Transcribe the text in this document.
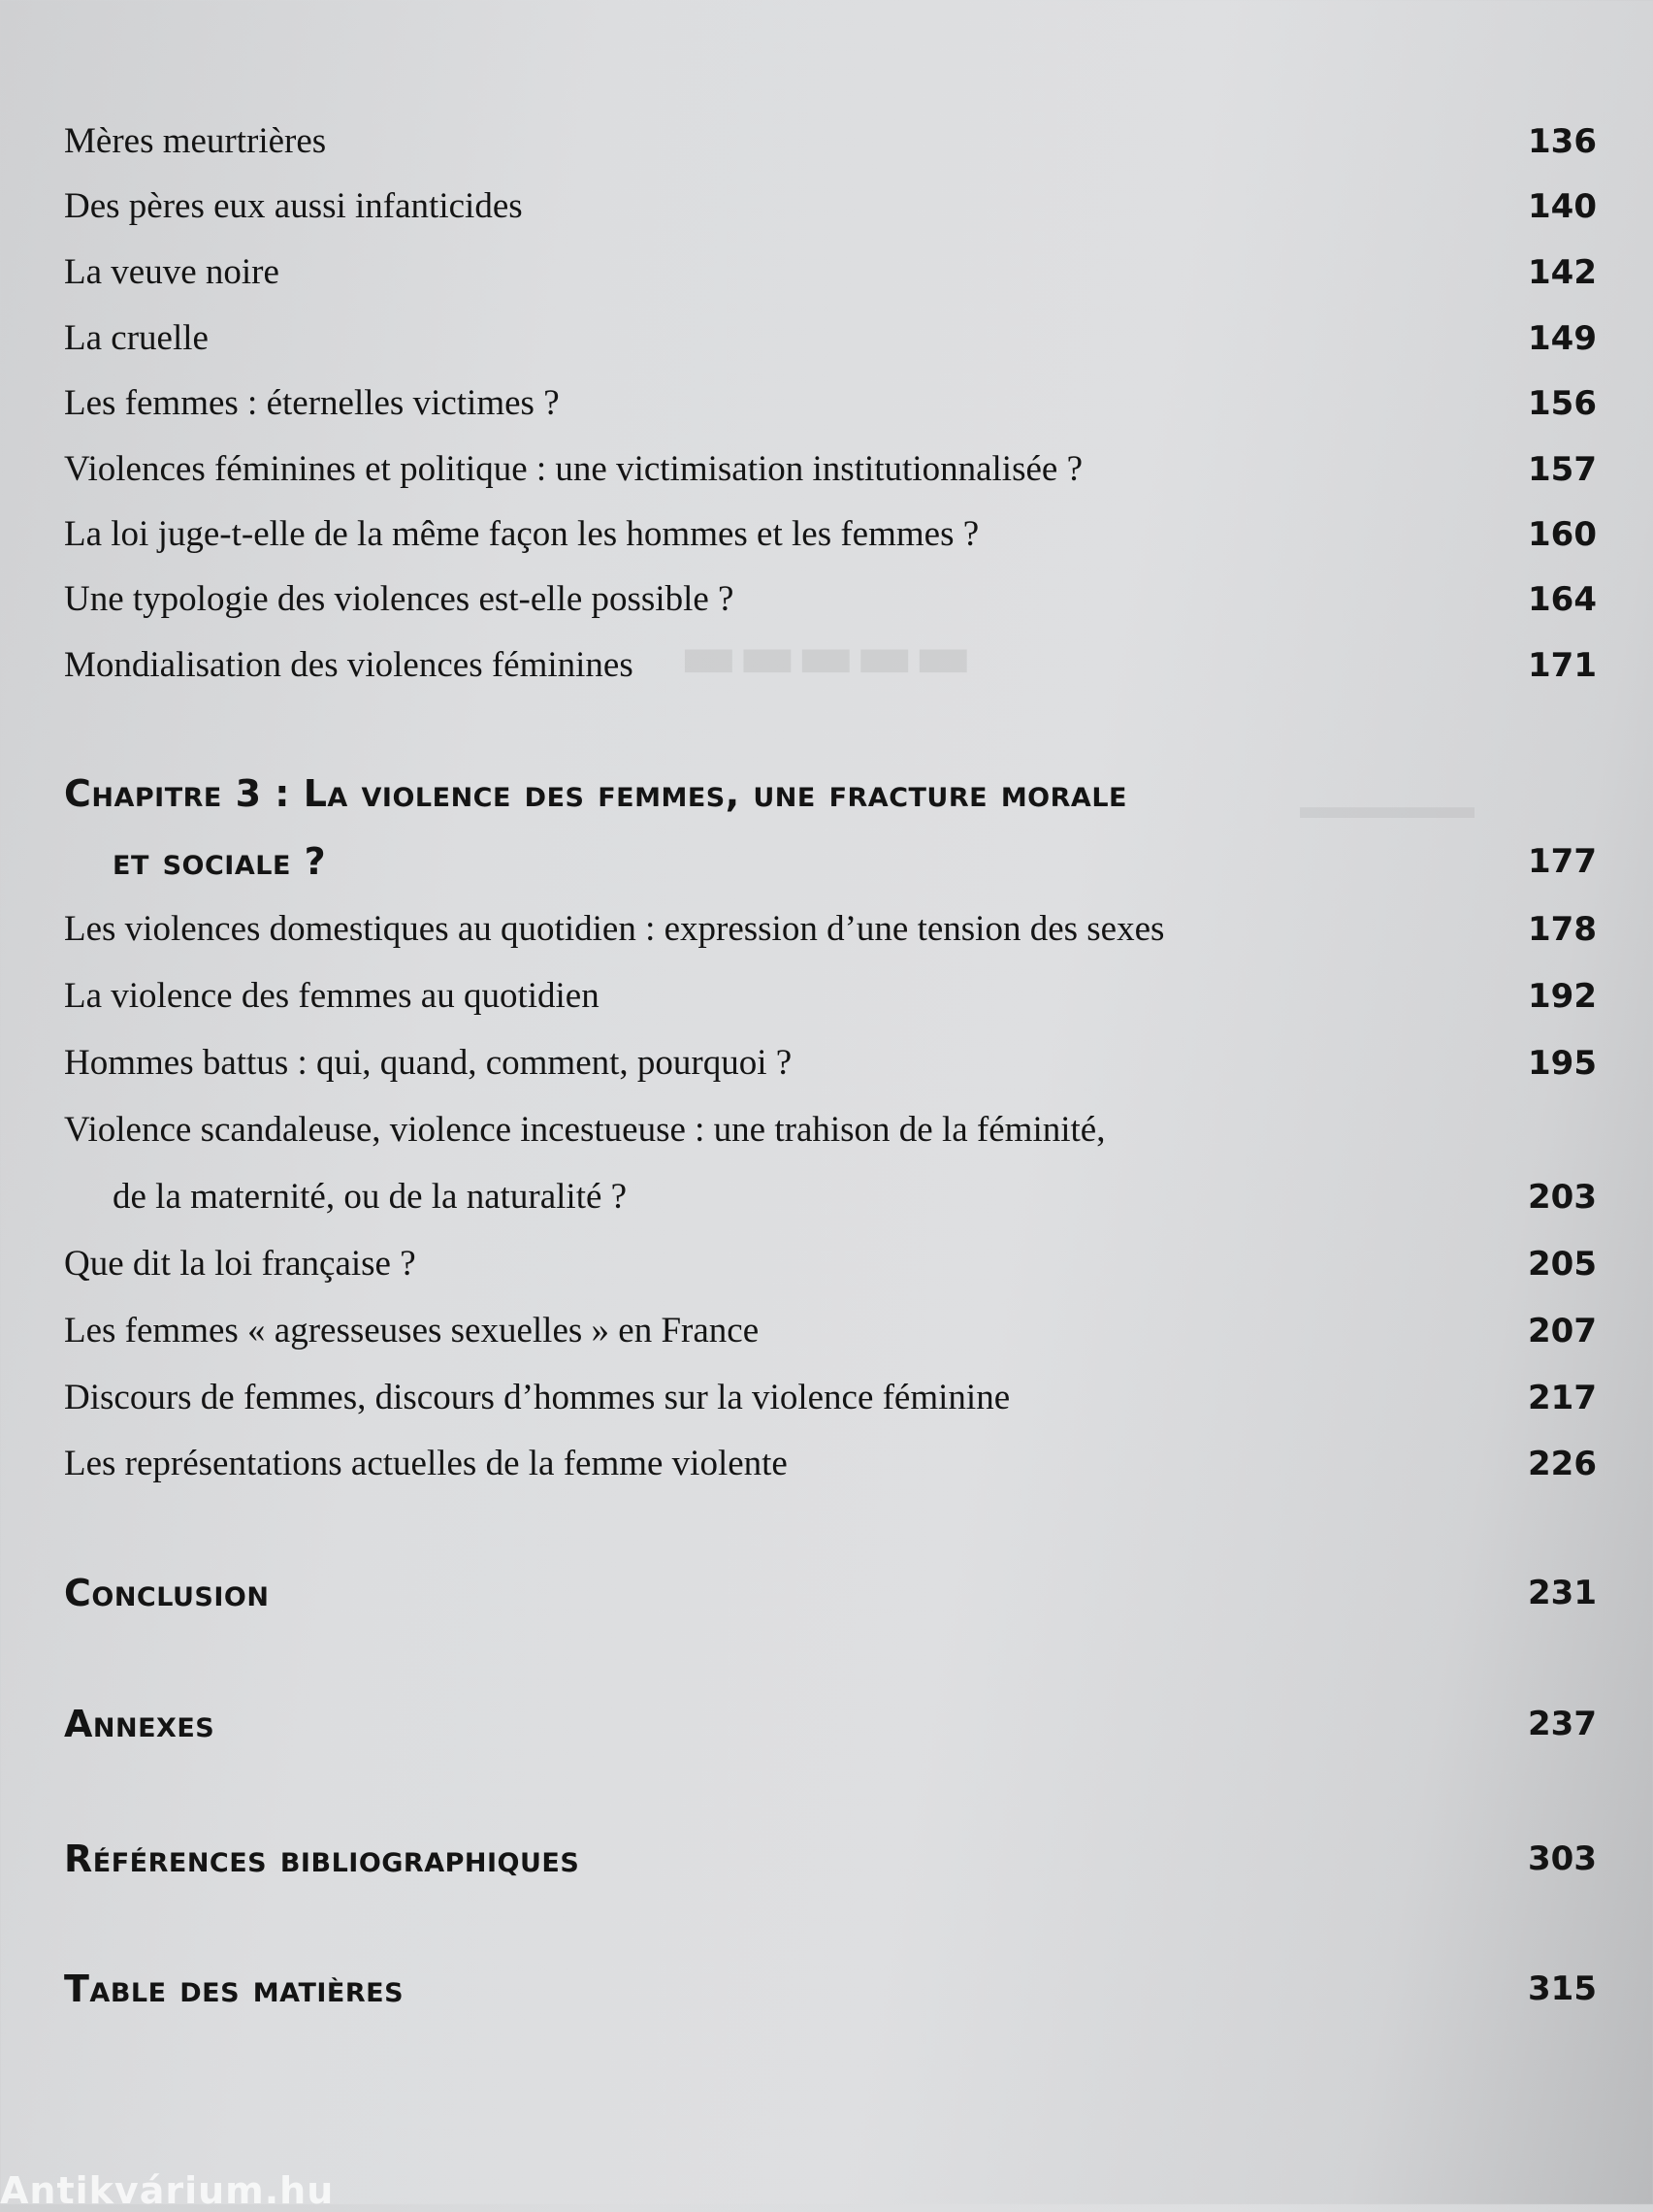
▬▬▬▬▬
▬▬▬▬▬
Mères meurtrières	136
Des pères eux aussi infanticides	140
La veuve noire	142
La cruelle	149
Les femmes : éternelles victimes ?	156
Violences féminines et politique : une victimisation institutionnalisée ?	157
La loi juge-t-elle de la même façon les hommes et les femmes ?	160
Une typologie des violences est-elle possible ?	164
Mondialisation des violences féminines	171
Chapitre 3 : La violence des femmes, une fracture morale
et sociale ?	177
Les violences domestiques au quotidien : expression d’une tension des sexes	178
La violence des femmes au quotidien	192
Hommes battus : qui, quand, comment, pourquoi ?	195
Violence scandaleuse, violence incestueuse : une trahison de la féminité,
de la maternité, ou de la naturalité ?	203
Que dit la loi française ?	205
Les femmes « agresseuses sexuelles » en France	207
Discours de femmes, discours d’hommes sur la violence féminine	217
Les représentations actuelles de la femme violente	226
Conclusion	231
Annexes	237
Références bibliographiques	303
Table des matières	315
Antikvárium.hu
